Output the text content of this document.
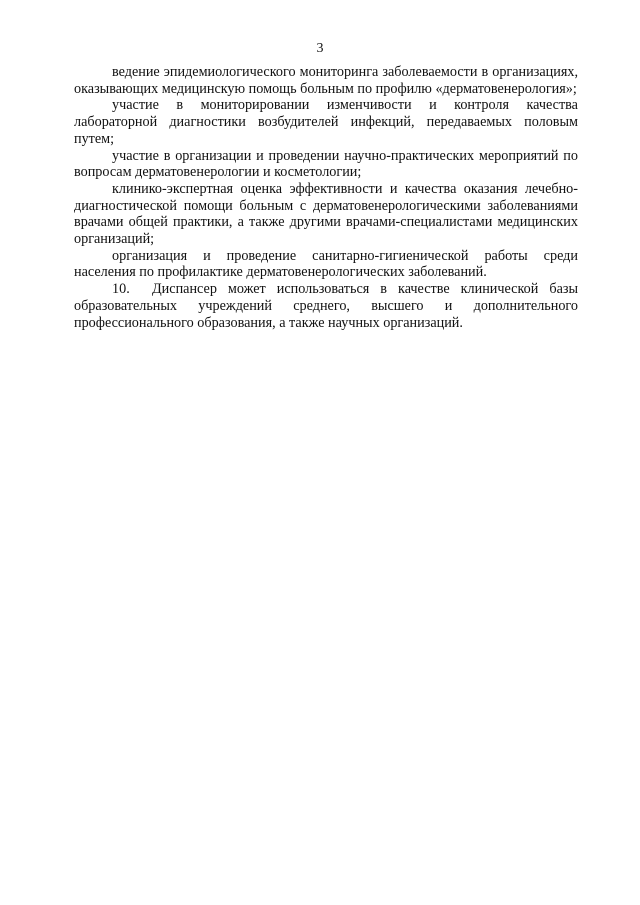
3

ведение эпидемиологического мониторинга заболеваемости в организациях, оказывающих медицинскую помощь больным по профилю «дерматовенерология»;

участие в мониторировании изменчивости и контроля качества лабораторной диагностики возбудителей инфекций, передаваемых половым путем;

участие в организации и проведении научно-практических мероприятий по вопросам дерматовенерологии и косметологии;

клинико-экспертная оценка эффективности и качества оказания лечебно-диагностической помощи больным с дерматовенерологическими заболеваниями врачами общей практики, а также другими врачами-специалистами медицинских организаций;

организация и проведение санитарно-гигиенической работы среди населения по профилактике дерматовенерологических заболеваний.

10. Диспансер может использоваться в качестве клинической базы образовательных учреждений среднего, высшего и дополнительного профессионального образования, а также научных организаций.
